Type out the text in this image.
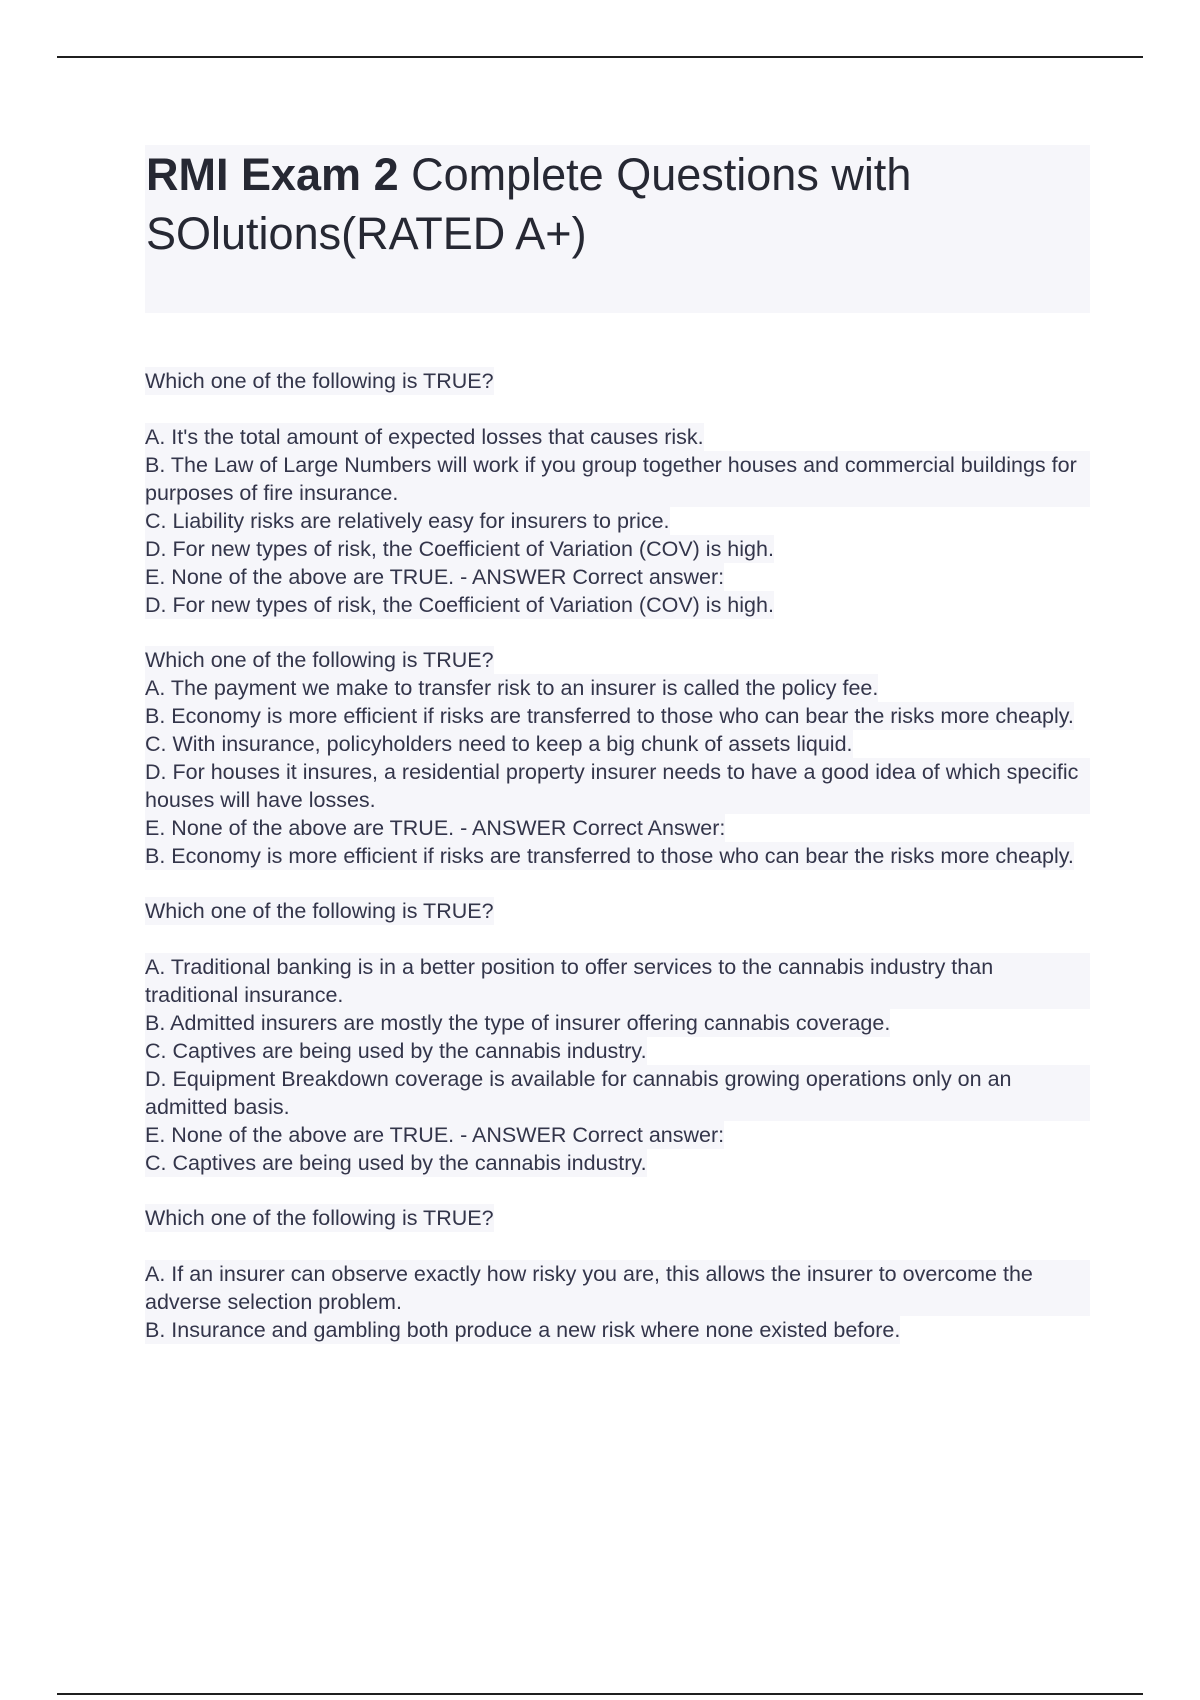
RMI Exam 2 Complete Questions with SOlutions(RATED A+)
Which one of the following is TRUE?
A. It's the total amount of expected losses that causes risk.
B. The Law of Large Numbers will work if you group together houses and commercial buildings for purposes of fire insurance.
C. Liability risks are relatively easy for insurers to price.
D. For new types of risk, the Coefficient of Variation (COV) is high.
E. None of the above are TRUE. - ANSWER Correct answer:
D. For new types of risk, the Coefficient of Variation (COV) is high.
Which one of the following is TRUE?
A. The payment we make to transfer risk to an insurer is called the policy fee.
B. Economy is more efficient if risks are transferred to those who can bear the risks more cheaply.
C. With insurance, policyholders need to keep a big chunk of assets liquid.
D. For houses it insures, a residential property insurer needs to have a good idea of which specific houses will have losses.
E. None of the above are TRUE. - ANSWER Correct Answer:
B. Economy is more efficient if risks are transferred to those who can bear the risks more cheaply.
Which one of the following is TRUE?
A. Traditional banking is in a better position to offer services to the cannabis industry than traditional insurance.
B. Admitted insurers are mostly the type of insurer offering cannabis coverage.
C. Captives are being used by the cannabis industry.
D. Equipment Breakdown coverage is available for cannabis growing operations only on an admitted basis.
E. None of the above are TRUE. - ANSWER Correct answer:
C. Captives are being used by the cannabis industry.
Which one of the following is TRUE?
A. If an insurer can observe exactly how risky you are, this allows the insurer to overcome the adverse selection problem.
B. Insurance and gambling both produce a new risk where none existed before.
